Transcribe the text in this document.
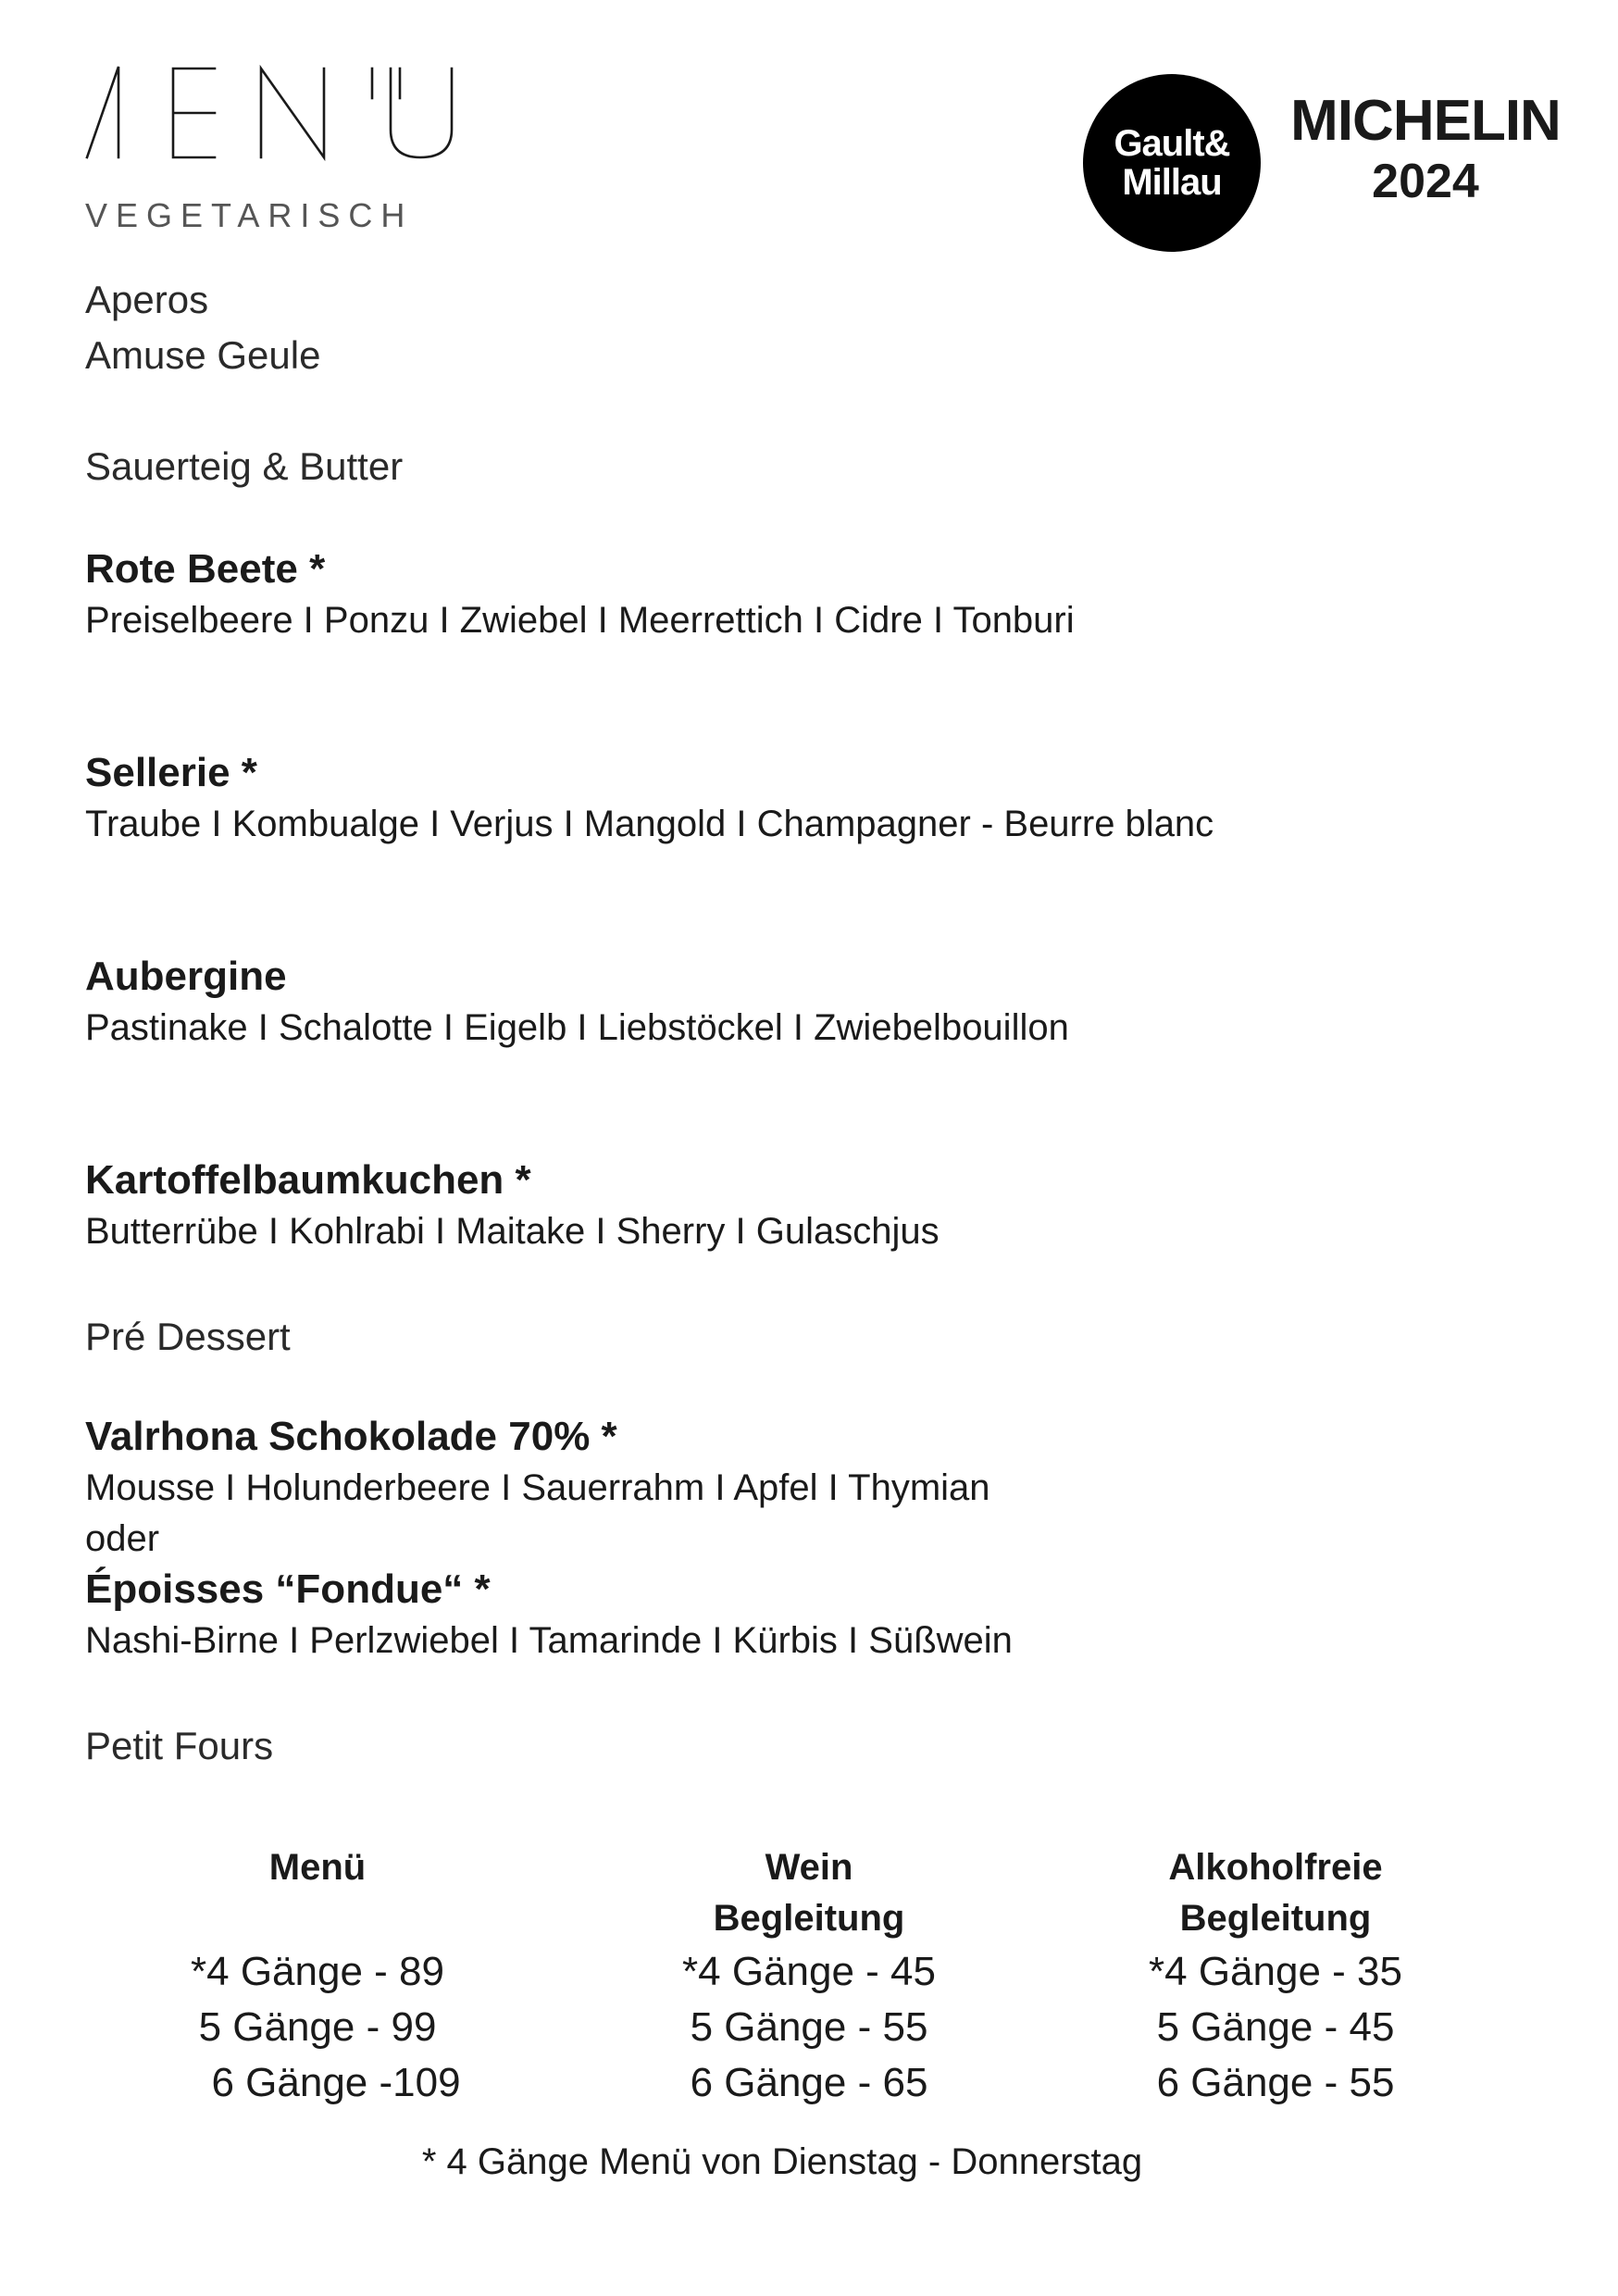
VEGETARISCH
Gault&
Millau
MICHELIN
2024
Aperos
Amuse Geule
Sauerteig & Butter
Rote Beete *
Preiselbeere I Ponzu I Zwiebel I Meerrettich I Cidre I Tonburi
Sellerie *
Traube I Kombualge I Verjus I Mangold I Champagner - Beurre blanc
Aubergine
Pastinake I Schalotte I Eigelb I Liebstöckel I Zwiebelbouillon
Kartoffelbaumkuchen *
Butterrübe I Kohlrabi I Maitake I Sherry I Gulaschjus
Pré Dessert
Valrhona Schokolade 70% *
Mousse I Holunderbeere I Sauerrahm I Apfel I Thymian
oder
Époisses “Fondue“ *
Nashi-Birne I Perlzwiebel I Tamarinde I Kürbis I Süßwein
Petit Fours
Menü

*4 Gänge - 89
5 Gänge - 99
6 Gänge -109
Wein
Begleitung
*4 Gänge - 45
5 Gänge - 55
6 Gänge - 65
Alkoholfreie
Begleitung
*4 Gänge - 35
5 Gänge - 45
6 Gänge - 55
* 4 Gänge Menü von Dienstag - Donnerstag
